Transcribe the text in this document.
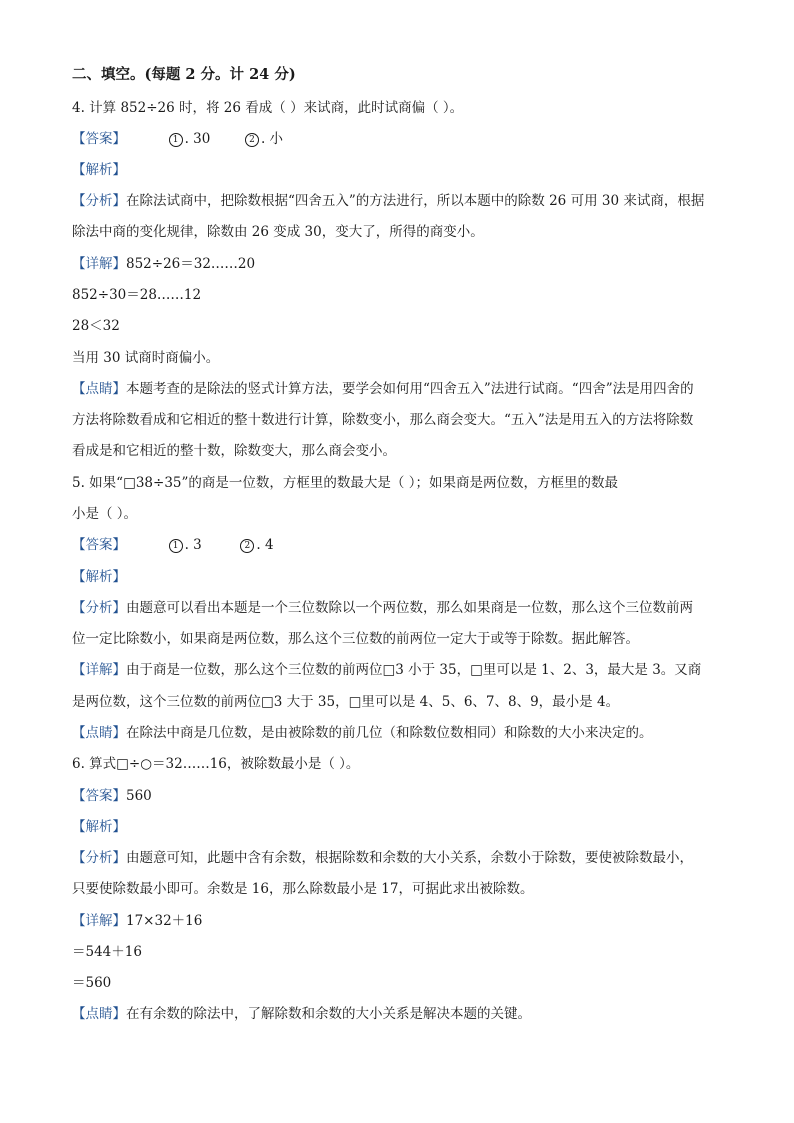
二、填空。(每题 2 分。计 24 分)
4. 计算 852÷26 时，将 26 看成（ ）来试商，此时试商偏（ ）。
【答案】	1 . 30	2 . 小
【解析】
【分析】在除法试商中，把除数根据“四舍五入”的方法进行，所以本题中的除数 26 可用 30 来试商，根据
除法中商的变化规律，除数由 26 变成 30，变大了，所得的商变小。
【详解】852÷26＝32……20
852÷30＝28……12
28＜32
当用 30 试商时商偏小。
【点睛】本题考查的是除法的竖式计算方法，要学会如何用“四舍五入”法进行试商。“四舍”法是用四舍的
方法将除数看成和它相近的整十数进行计算，除数变小，那么商会变大。“五入”法是用五入的方法将除数
看成是和它相近的整十数，除数变大，那么商会变小。
5. 如果“□38÷35”的商是一位数，方框里的数最大是（ ）；如果商是两位数，方框里的数最
小是（ ）。
【答案】	1 . 3	2 . 4
【解析】
【分析】由题意可以看出本题是一个三位数除以一个两位数，那么如果商是一位数，那么这个三位数前两
位一定比除数小，如果商是两位数，那么这个三位数的前两位一定大于或等于除数。据此解答。
【详解】由于商是一位数，那么这个三位数的前两位□3 小于 35，□里可以是 1、2、3，最大是 3。又商
是两位数，这个三位数的前两位□3 大于 35，□里可以是 4、5、6、7、8、9，最小是 4。
【点睛】在除法中商是几位数，是由被除数的前几位（和除数位数相同）和除数的大小来决定的。
6. 算式□÷○＝32……16，被除数最小是（ ）。
【答案】560
【解析】
【分析】由题意可知，此题中含有余数，根据除数和余数的大小关系，余数小于除数，要使被除数最小，
只要使除数最小即可。余数是 16，那么除数最小是 17，可据此求出被除数。
【详解】17×32＋16
＝544＋16
＝560
【点睛】在有余数的除法中，了解除数和余数的大小关系是解决本题的关键。
